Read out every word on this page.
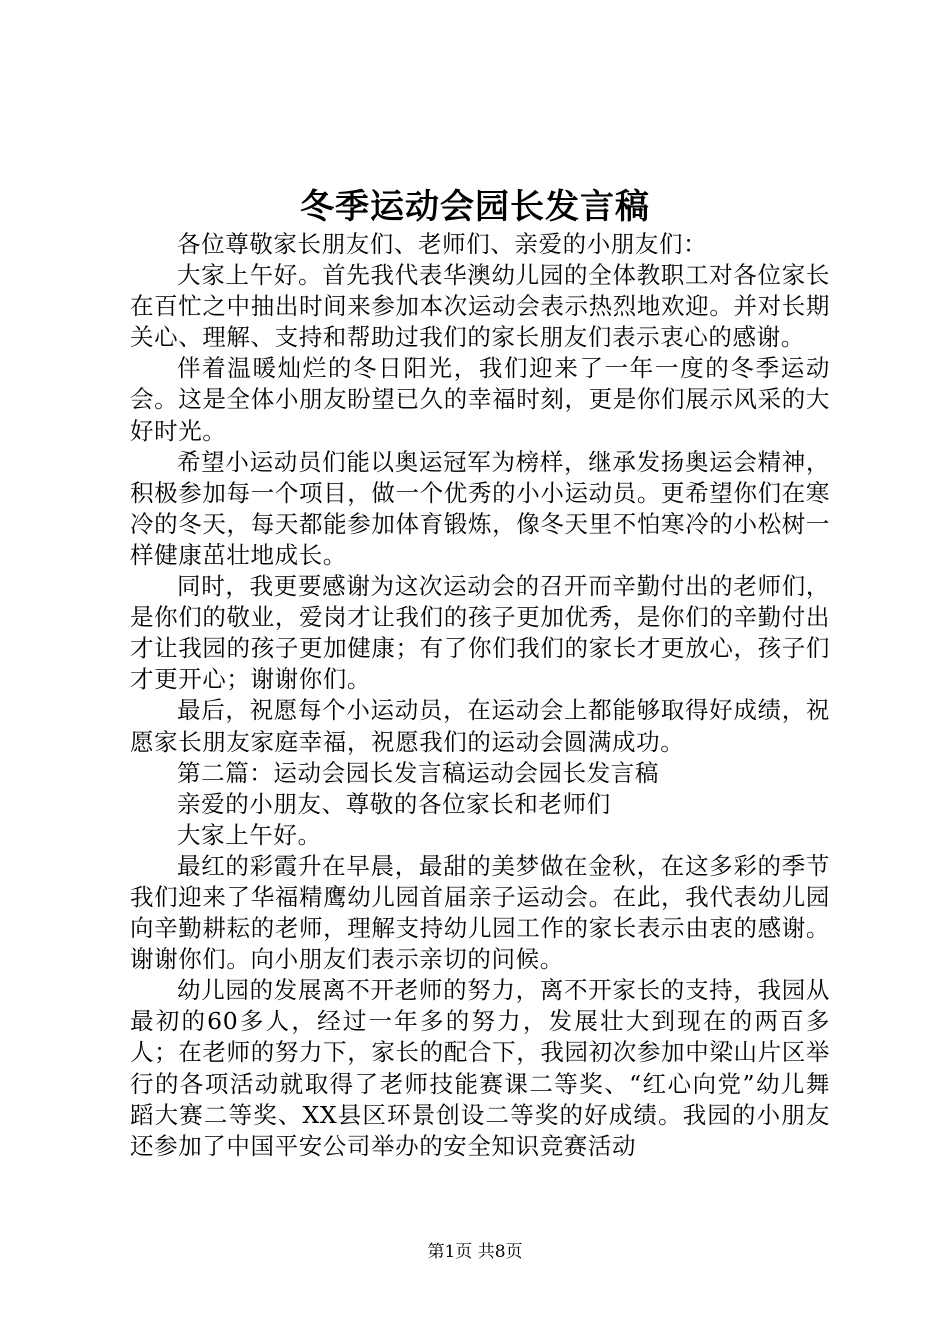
冬季运动会园长发言稿

各位尊敬家长朋友们、老师们、亲爱的小朋友们：

大家上午好。首先我代表华澳幼儿园的全体教职工对各位家长在百忙之中抽出时间来参加本次运动会表示热烈地欢迎。并对长期关心、理解、支持和帮助过我们的家长朋友们表示衷心的感谢。

伴着温暖灿烂的冬日阳光，我们迎来了一年一度的冬季运动会。这是全体小朋友盼望已久的幸福时刻，更是你们展示风采的大好时光。

希望小运动员们能以奥运冠军为榜样，继承发扬奥运会精神，积极参加每一个项目，做一个优秀的小小运动员。更希望你们在寒冷的冬天，每天都能参加体育锻炼，像冬天里不怕寒冷的小松树一样健康茁壮地成长。

同时，我更要感谢为这次运动会的召开而辛勤付出的老师们，是你们的敬业，爱岗才让我们的孩子更加优秀，是你们的辛勤付出才让我园的孩子更加健康；有了你们我们的家长才更放心，孩子们才更开心；谢谢你们。

最后，祝愿每个小运动员，在运动会上都能够取得好成绩，祝愿家长朋友家庭幸福，祝愿我们的运动会圆满成功。

第二篇：运动会园长发言稿运动会园长发言稿

亲爱的小朋友、尊敬的各位家长和老师们

大家上午好。

最红的彩霞升在早晨，最甜的美梦做在金秋，在这多彩的季节我们迎来了华福精鹰幼儿园首届亲子运动会。在此，我代表幼儿园向辛勤耕耘的老师，理解支持幼儿园工作的家长表示由衷的感谢。谢谢你们。向小朋友们表示亲切的问候。

幼儿园的发展离不开老师的努力，离不开家长的支持，我园从最初的60多人，经过一年多的努力，发展壮大到现在的两百多人；在老师的努力下，家长的配合下，我园初次参加中梁山片区举行的各项活动就取得了老师技能赛课二等奖、“红心向党”幼儿舞蹈大赛二等奖、XX县区环景创设二等奖的好成绩。我园的小朋友还参加了中国平安公司举办的安全知识竞赛活动

第1页 共8页
